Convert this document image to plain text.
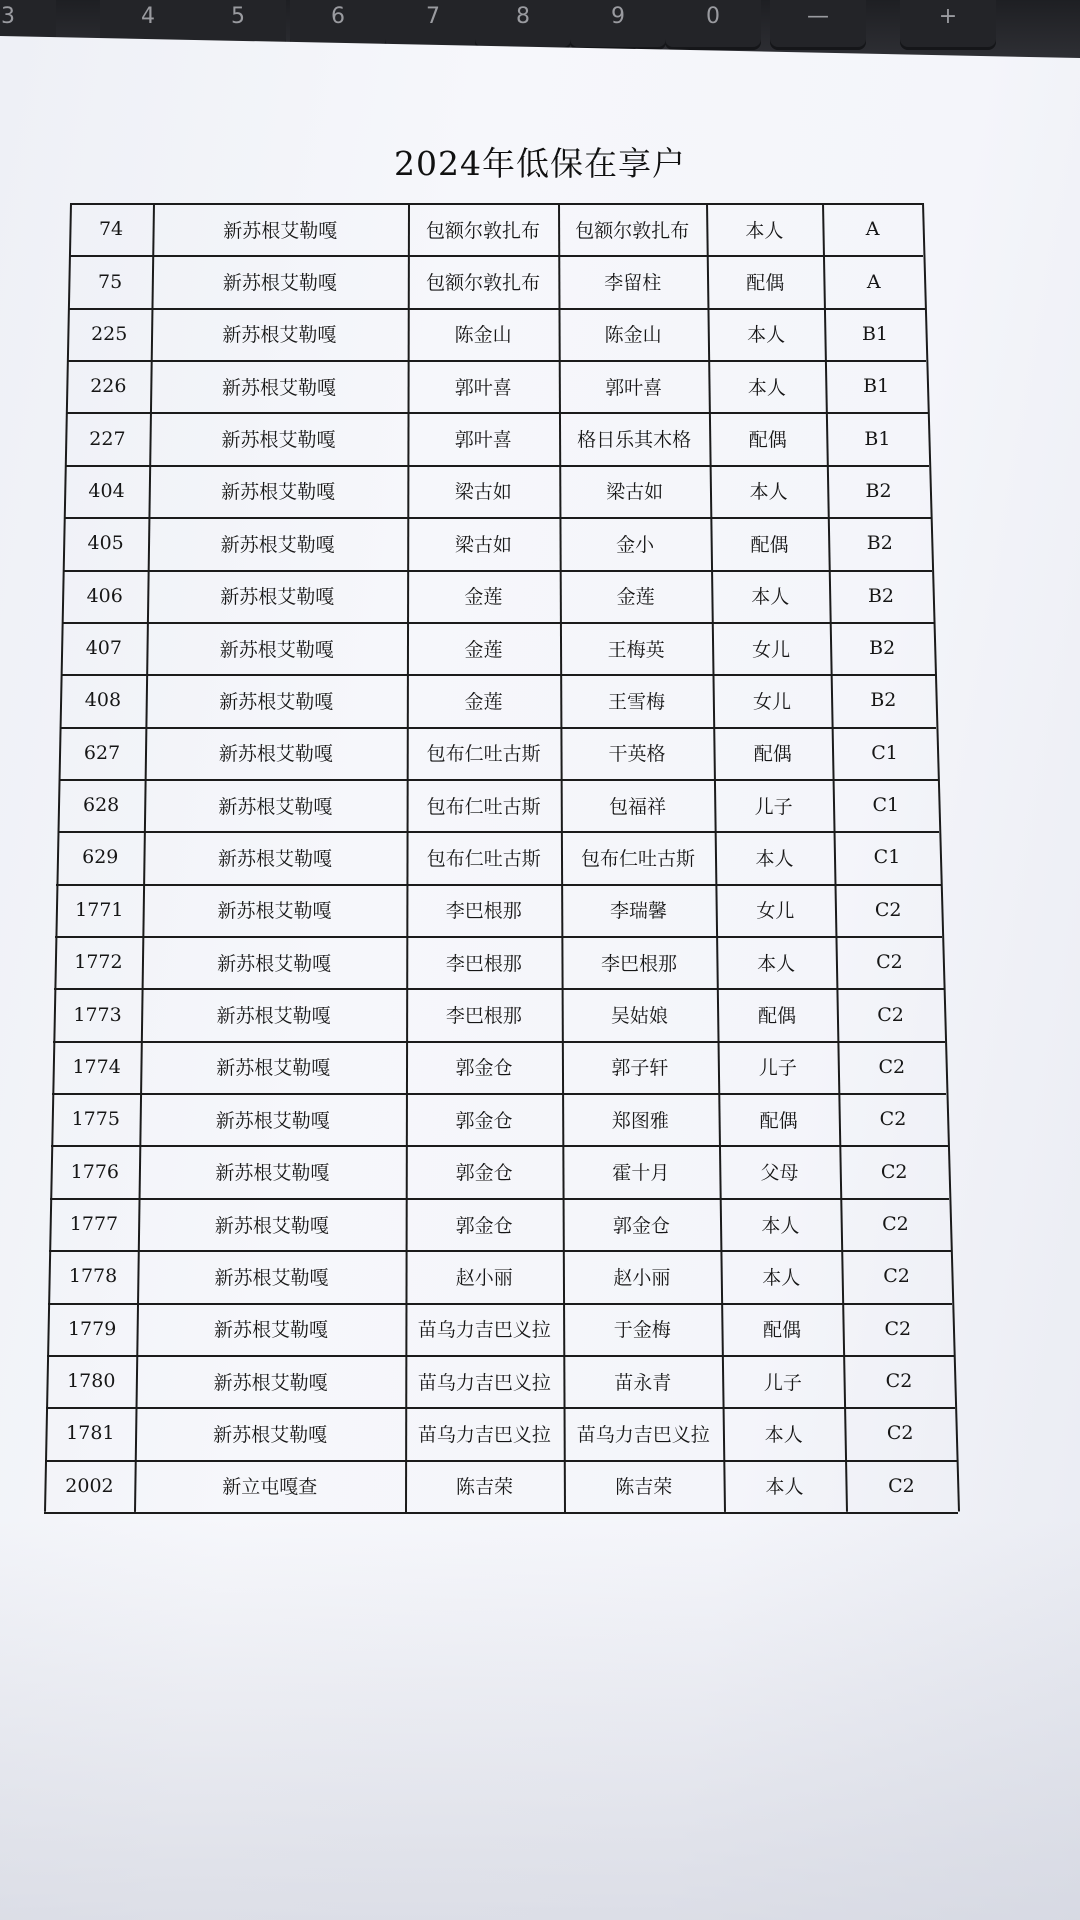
3	4	5	6	7	8	9	0	—	+
2024年低保在享户
74	新苏根艾勒嘎	包额尔敦扎布	包额尔敦扎布	本人	A
75	新苏根艾勒嘎	包额尔敦扎布	李留柱	配偶	A
225	新苏根艾勒嘎	陈金山	陈金山	本人	B1
226	新苏根艾勒嘎	郭叶喜	郭叶喜	本人	B1
227	新苏根艾勒嘎	郭叶喜	格日乐其木格	配偶	B1
404	新苏根艾勒嘎	梁古如	梁古如	本人	B2
405	新苏根艾勒嘎	梁古如	金小	配偶	B2
406	新苏根艾勒嘎	金莲	金莲	本人	B2
407	新苏根艾勒嘎	金莲	王梅英	女儿	B2
408	新苏根艾勒嘎	金莲	王雪梅	女儿	B2
627	新苏根艾勒嘎	包布仁吐古斯	干英格	配偶	C1
628	新苏根艾勒嘎	包布仁吐古斯	包福祥	儿子	C1
629	新苏根艾勒嘎	包布仁吐古斯	包布仁吐古斯	本人	C1
1771	新苏根艾勒嘎	李巴根那	李瑞馨	女儿	C2
1772	新苏根艾勒嘎	李巴根那	李巴根那	本人	C2
1773	新苏根艾勒嘎	李巴根那	吴姑娘	配偶	C2
1774	新苏根艾勒嘎	郭金仓	郭子轩	儿子	C2
1775	新苏根艾勒嘎	郭金仓	郑图雅	配偶	C2
1776	新苏根艾勒嘎	郭金仓	霍十月	父母	C2
1777	新苏根艾勒嘎	郭金仓	郭金仓	本人	C2
1778	新苏根艾勒嘎	赵小丽	赵小丽	本人	C2
1779	新苏根艾勒嘎	苗乌力吉巴义拉	于金梅	配偶	C2
1780	新苏根艾勒嘎	苗乌力吉巴义拉	苗永青	儿子	C2
1781	新苏根艾勒嘎	苗乌力吉巴义拉	苗乌力吉巴义拉	本人	C2
2002	新立屯嘎查	陈吉荣	陈吉荣	本人	C2
